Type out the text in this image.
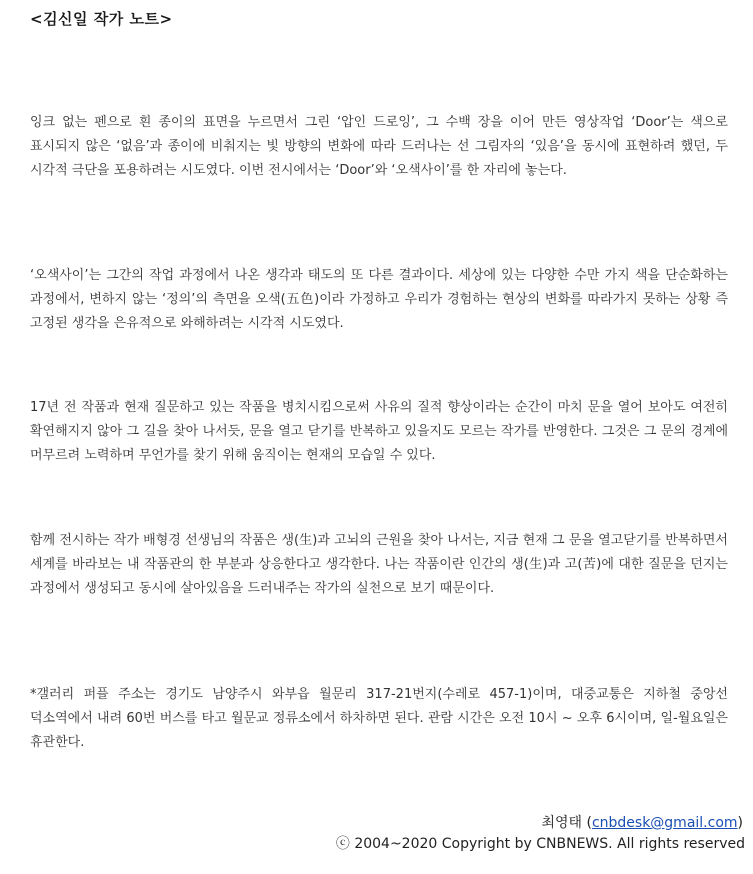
<김신일 작가 노트>

잉크 없는 펜으로 흰 종이의 표면을 누르면서 그린 ‘압인 드로잉’, 그 수백 장을 이어 만든 영상작업 ‘Door’는 색으로 표시되지 않은 ‘없음’과 종이에 비춰지는 빛 방향의 변화에 따라 드러나는 선 그림자의 ‘있음’을 동시에 표현하려 했던, 두 시각적 극단을 포용하려는 시도였다. 이번 전시에서는 ‘Door’와 ‘오색사이’를 한 자리에 놓는다.

‘오색사이’는 그간의 작업 과정에서 나온 생각과 태도의 또 다른 결과이다. 세상에 있는 다양한 수만 가지 색을 단순화하는 과정에서, 변하지 않는 ‘정의’의 측면을 오색(五色)이라 가정하고 우리가 경험하는 현상의 변화를 따라가지 못하는 상황 즉 고정된 생각을 은유적으로 와해하려는 시각적 시도였다.

17년 전 작품과 현재 질문하고 있는 작품을 병치시킴으로써 사유의 질적 향상이라는 순간이 마치 문을 열어 보아도 여전히 확연해지지 않아 그 길을 찾아 나서듯, 문을 열고 닫기를 반복하고 있을지도 모르는 작가를 반영한다. 그것은 그 문의 경계에 머무르려 노력하며 무언가를 찾기 위해 움직이는 현재의 모습일 수 있다.

함께 전시하는 작가 배형경 선생님의 작품은 생(生)과 고뇌의 근원을 찾아 나서는, 지금 현재 그 문을 열고닫기를 반복하면서 세계를 바라보는 내 작품관의 한 부분과 상응한다고 생각한다. 나는 작품이란 인간의 생(生)과 고(苦)에 대한 질문을 던지는 과정에서 생성되고 동시에 살아있음을 드러내주는 작가의 실천으로 보기 때문이다.

*갤러리 퍼플 주소는 경기도 남양주시 와부읍 월문리 317-21번지(수레로 457-1)이며, 대중교통은 지하철 중앙선 덕소역에서 내려 60번 버스를 타고 월문교 정류소에서 하차하면 된다. 관람 시간은 오전 10시 ~ 오후 6시이며, 일-월요일은 휴관한다.

최영태 (cnbdesk@gmail.com)
ⓒ 2004~2020 Copyright by CNBNEWS. All rights reserved
